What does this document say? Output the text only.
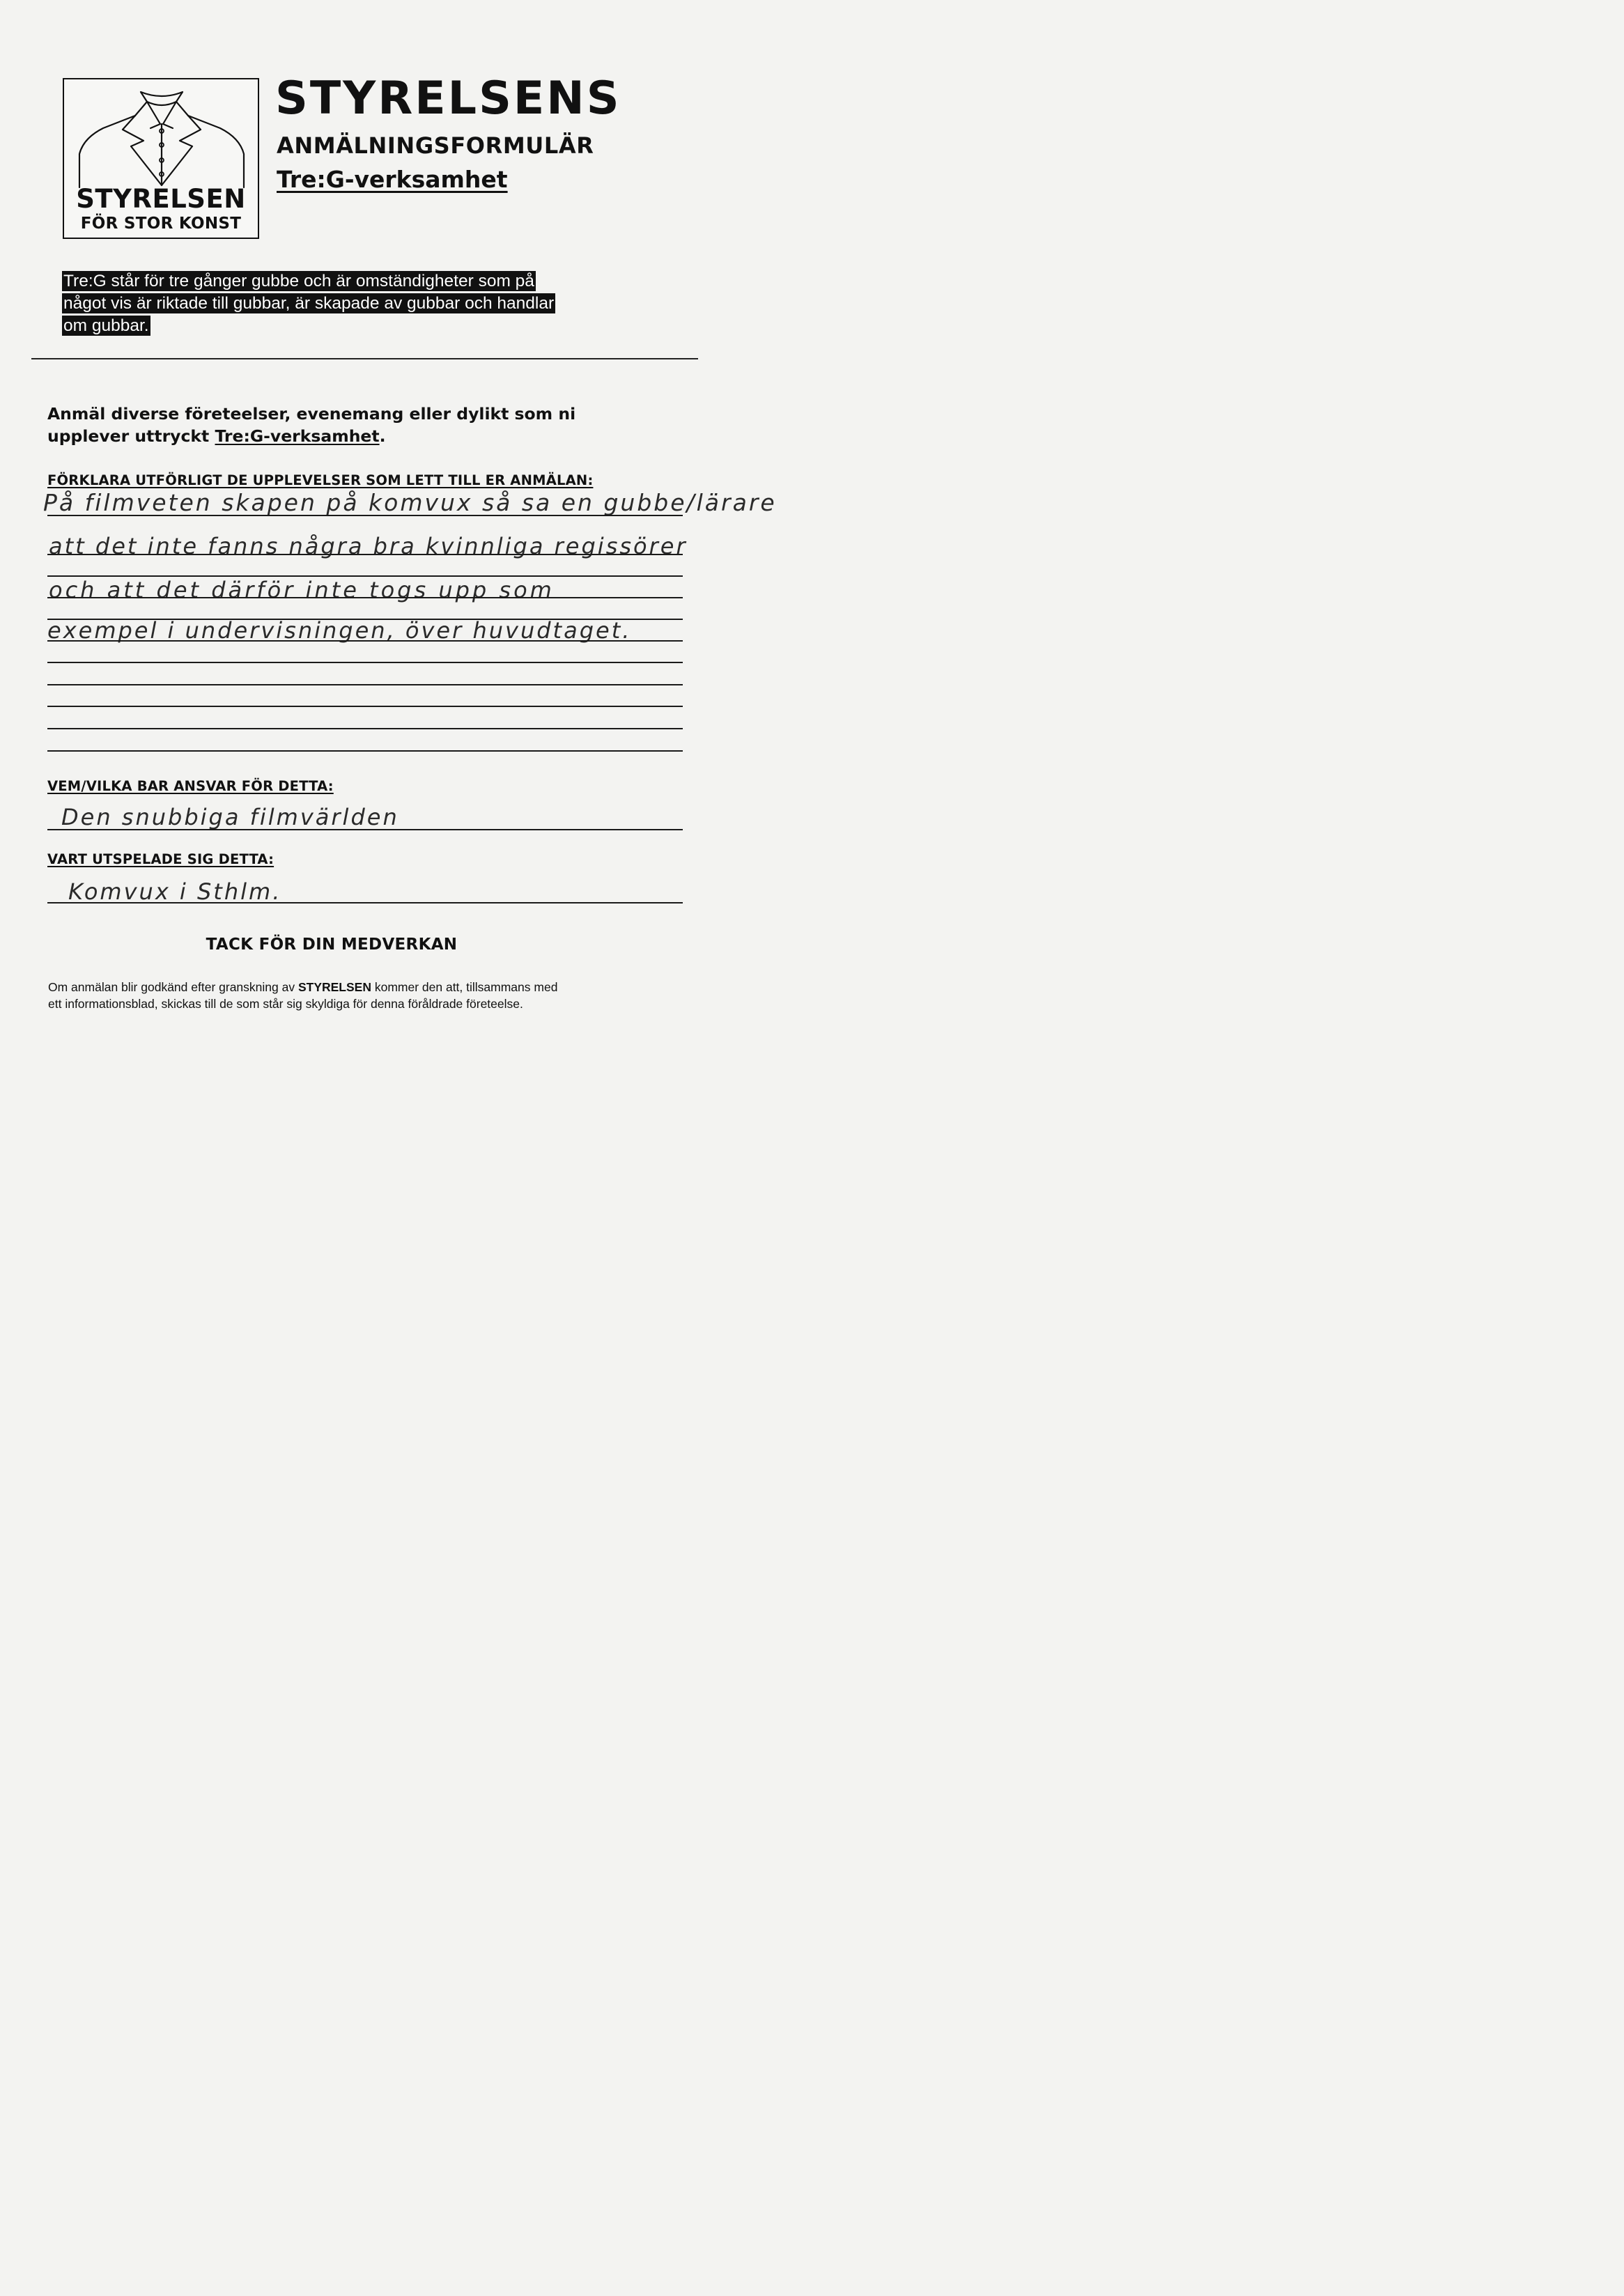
STYRELSEN
FÖR STOR KONST
STYRELSENS
ANMÄLNINGSFORMULÄR
Tre:G-verksamhet
Tre:G står för tre gånger gubbe och är omständigheter som på
något vis är riktade till gubbar, är skapade av gubbar och handlar
om gubbar.
Anmäl diverse företeelser, evenemang eller dylikt som ni
upplever uttryckt Tre:G-verksamhet.
FÖRKLARA UTFÖRLIGT DE UPPLEVELSER SOM LETT TILL ER ANMÄLAN:
På filmveten skapen på komvux så sa en gubbe/lärare
att det inte fanns några bra kvinnliga regissörer
och att det därför inte togs upp som
exempel i undervisningen, över huvudtaget.
VEM/VILKA BAR ANSVAR FÖR DETTA:
Den snubbiga filmvärlden
VART UTSPELADE SIG DETTA:
Komvux i Sthlm.
TACK FÖR DIN MEDVERKAN
Om anmälan blir godkänd efter granskning av STYRELSEN kommer den att, tillsammans med
ett informationsblad, skickas till de som står sig skyldiga för denna föråldrade företeelse.
